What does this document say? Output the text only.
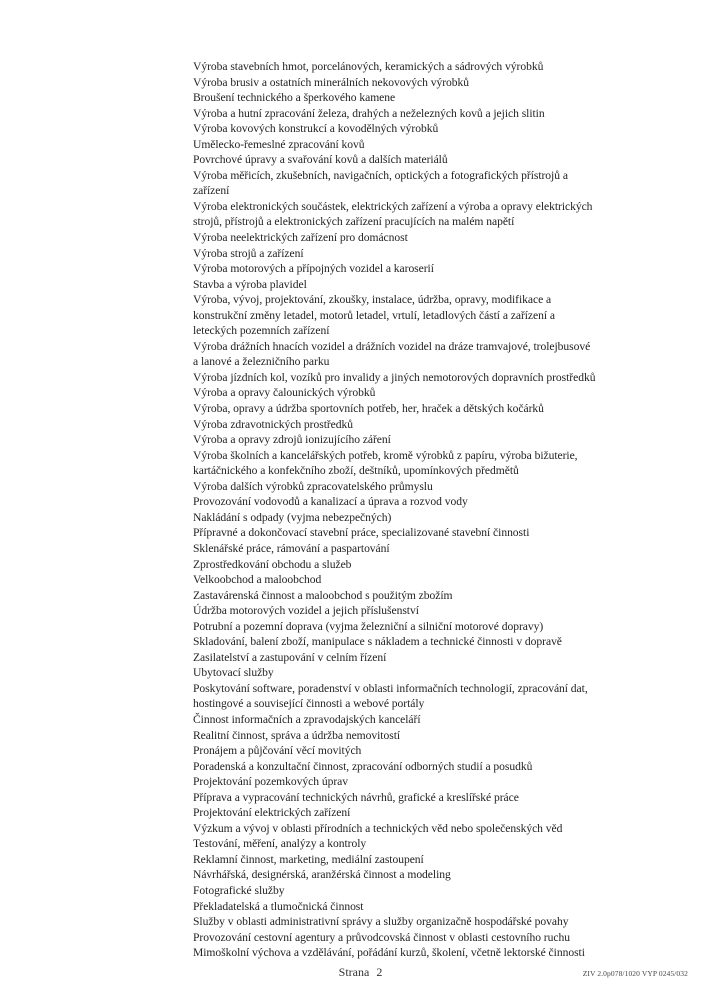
Výroba stavebních hmot, porcelánových, keramických a sádrových výrobků
Výroba brusiv a ostatních minerálních nekovových výrobků
Broušení technického a šperkového kamene
Výroba a hutní zpracování železa, drahých a neželezných kovů a jejich slitin
Výroba kovových konstrukcí a kovodělných výrobků
Umělecko-řemeslné zpracování kovů
Povrchové úpravy a svařování kovů a dalších materiálů
Výroba měřicích, zkušebních, navigačních, optických a fotografických přístrojů a
zařízení
Výroba elektronických součástek, elektrických zařízení a výroba a opravy elektrických
strojů, přístrojů a elektronických zařízení pracujících na malém napětí
Výroba neelektrických zařízení pro domácnost
Výroba strojů a zařízení
Výroba motorových a přípojných vozidel a karoserií
Stavba a výroba plavidel
Výroba, vývoj, projektování, zkoušky, instalace, údržba, opravy, modifikace a
konstrukční změny letadel, motorů letadel, vrtulí, letadlových částí a zařízení a
leteckých pozemních zařízení
Výroba drážních hnacích vozidel a drážních vozidel na dráze tramvajové, trolejbusové
a lanové a železničního parku
Výroba jízdních kol, vozíků pro invalidy a jiných nemotorových dopravních prostředků
Výroba a opravy čalounických výrobků
Výroba, opravy a údržba sportovních potřeb, her, hraček a dětských kočárků
Výroba zdravotnických prostředků
Výroba a opravy zdrojů ionizujícího záření
Výroba školních a kancelářských potřeb, kromě výrobků z papíru, výroba bižuterie,
kartáčnického a konfekčního zboží, deštníků, upomínkových předmětů
Výroba dalších výrobků zpracovatelského průmyslu
Provozování vodovodů a kanalizací a úprava a rozvod vody
Nakládání s odpady (vyjma nebezpečných)
Přípravné a dokončovací stavební práce, specializované stavební činnosti
Sklenářské práce, rámování a paspartování
Zprostředkování obchodu a služeb
Velkoobchod a maloobchod
Zastavárenská činnost a maloobchod s použitým zbožím
Údržba motorových vozidel a jejich příslušenství
Potrubní a pozemní doprava (vyjma železniční a silniční motorové dopravy)
Skladování, balení zboží, manipulace s nákladem a technické činnosti v dopravě
Zasilatelství a zastupování v celním řízení
Ubytovací služby
Poskytování software, poradenství v oblasti informačních technologií, zpracování dat,
hostingové a související činnosti a webové portály
Činnost informačních a zpravodajských kanceláří
Realitní činnost, správa a údržba nemovitostí
Pronájem a půjčování věcí movitých
Poradenská a konzultační činnost, zpracování odborných studií a posudků
Projektování pozemkových úprav
Příprava a vypracování technických návrhů, grafické a kreslířské práce
Projektování elektrických zařízení
Výzkum a vývoj v oblasti přírodních a technických věd nebo společenských věd
Testování, měření, analýzy a kontroly
Reklamní činnost, marketing, mediální zastoupení
Návrhářská, designérská, aranžérská činnost a modeling
Fotografické služby
Překladatelská a tlumočnická činnost
Služby v oblasti administrativní správy a služby organizačně hospodářské povahy
Provozování cestovní agentury a průvodcovská činnost v oblasti cestovního ruchu
Mimoškolní výchova a vzdělávání, pořádání kurzů, školení, včetně lektorské činnosti
Strana 2	ZIV 2.0p078/1020 VYP 0245/032
